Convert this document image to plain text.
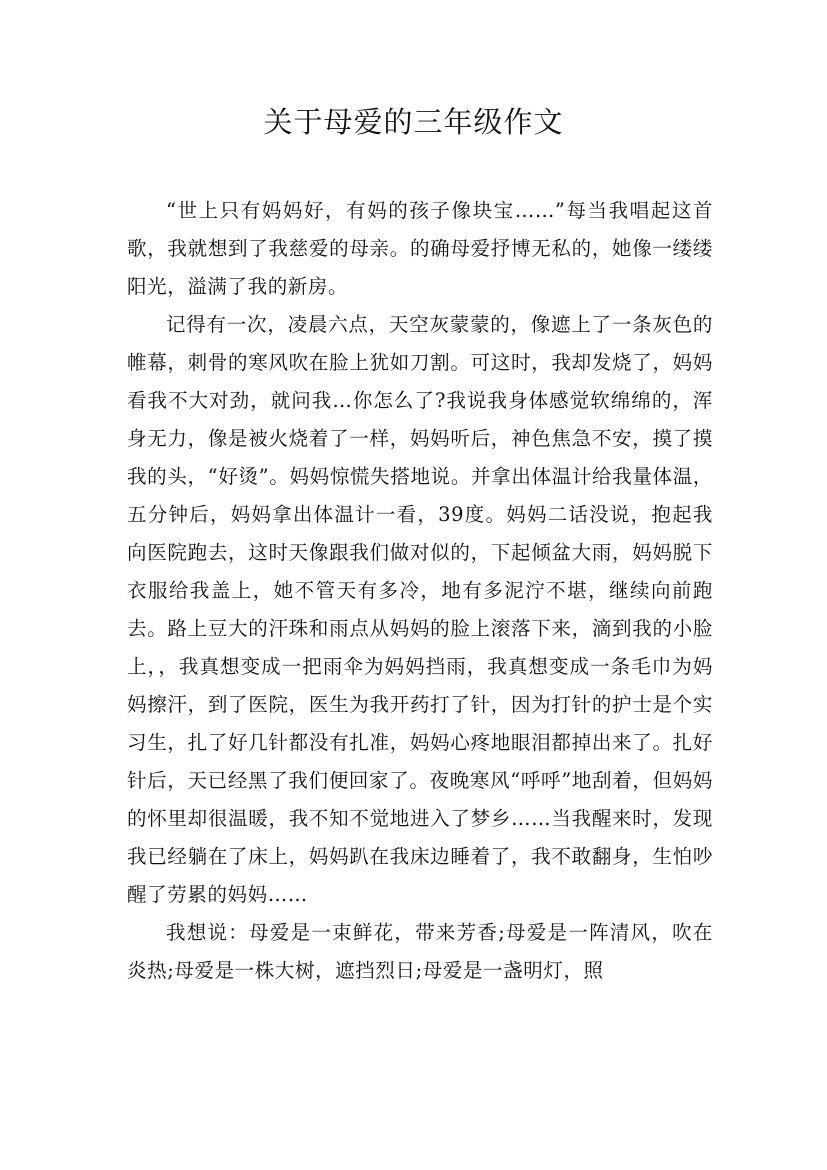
关于母爱的三年级作文

“世上只有妈妈好，有妈的孩子像块宝……”每当我唱起这首歌，我就想到了我慈爱的母亲。的确母爱抒博无私的，她像一缕缕阳光，溢满了我的新房。

记得有一次，凌晨六点，天空灰蒙蒙的，像遮上了一条灰色的帷幕，刺骨的寒风吹在脸上犹如刀割。可这时，我却发烧了，妈妈看我不大对劲，就问我…你怎么了?我说我身体感觉软绵绵的，浑身无力，像是被火烧着了一样，妈妈听后，神色焦急不安，摸了摸我的头，“好烫”。妈妈惊慌失搭地说。并拿出体温计给我量体温，五分钟后，妈妈拿出体温计一看，39度。妈妈二话没说，抱起我向医院跑去，这时天像跟我们做对似的，下起倾盆大雨，妈妈脱下衣服给我盖上，她不管天有多冷，地有多泥泞不堪，继续向前跑去。路上豆大的汗珠和雨点从妈妈的脸上滚落下来，滴到我的小脸上，，我真想变成一把雨伞为妈妈挡雨，我真想变成一条毛巾为妈妈擦汗，到了医院，医生为我开药打了针，因为打针的护士是个实习生，扎了好几针都没有扎准，妈妈心疼地眼泪都掉出来了。扎好针后，天已经黑了我们便回家了。夜晚寒风“呼呼”地刮着，但妈妈的怀里却很温暖，我不知不觉地进入了梦乡……当我醒来时，发现我已经躺在了床上，妈妈趴在我床边睡着了，我不敢翻身，生怕吵醒了劳累的妈妈……

我想说：母爱是一束鲜花，带来芳香;母爱是一阵清风，吹在炎热;母爱是一株大树，遮挡烈日;母爱是一盏明灯，照
